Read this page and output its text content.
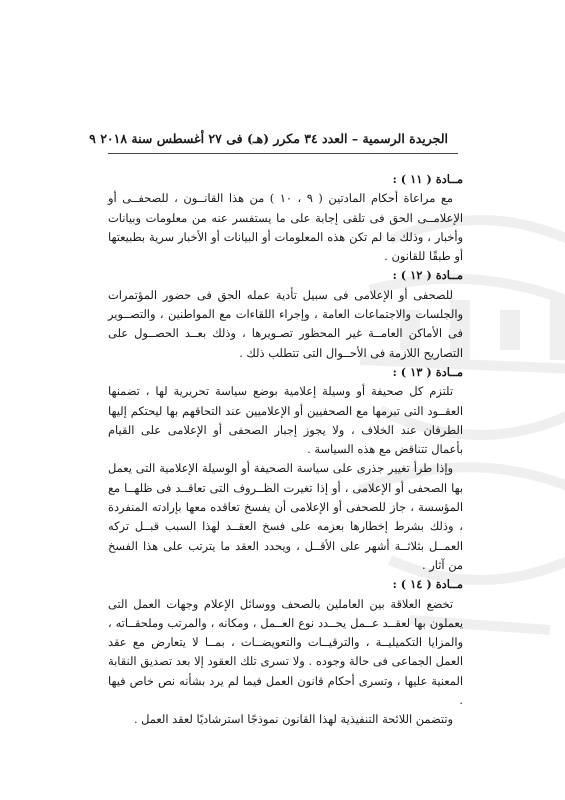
الجريدة الرسمية – العدد ٣٤ مكرر (هـ) فى ٢٧ أغسطس سنة ٢٠١٨ ٩
مــادة ( ١١ ) :

مع مراعاة أحكام المادتين ( ٩ ، ١٠ ) من هذا القانــون ، للصحفــى أو الإعلامــى الحق فى تلقى إجابة على ما يستفسر عنه من معلومات وبيانات وأخبار ، وذلك ما لم تكن هذه المعلومات أو البيانات أو الأخبار سرية بطبيعتها أو طبقًا للقانون .

مــادة ( ١٢ ) :

للصحفى أو الإعلامى فى سبيل تأدية عمله الحق فى حضور المؤتمرات والجلسات والاجتماعات العامة ، وإجراء اللقاءات مع المواطنين ، والتصــوير فى الأماكن العامــة غير المحظور تصـويرها ، وذلك بعــد الحصــول على التصاريح اللازمة فى الأحــوال التى تتطلب ذلك .

مــادة ( ١٣ ) :

تلتزم كل صحيفة أو وسيلة إعلامية بوضع سياسة تحريرية لها ، تضمنها العقــود التى تبرمها مع الصحفيين أو الإعلاميين عند التحاقهم بها ليحتكم إليها الطرفان عند الخلاف ، ولا يجوز إجبار الصحفى أو الإعلامى على القيام بأعمال تتناقض مع هذه السياسة .

وإذا طرأ تغيير جذرى على سياسة الصحيفة أو الوسيلة الإعلامية التى يعمل بها الصحفى أو الإعلامى ، أو إذا تغيرت الظــروف التى تعاقــد فى ظلهــا مع المؤسسة ، جاز للصحفى أو الإعلامى أن يفسخ تعاقده معها بإرادته المنفردة ، وذلك بشرط إخطارها بعزمه على فسخ العقــد لهذا السبب قبــل تركه العمــل بثلاثــة أشهر على الأقــل ، ويحدد العقد ما يترتب على هذا الفسخ من آثار .

مــادة ( ١٤ ) :

تخضع العلاقة بين العاملين بالصحف ووسائل الإعلام وجهات العمل التى يعملون بها لعقــد عــمل يحــدد نوع العــمل ، ومكانه ، والمرتب وملحقــاته ، والمزايا التكميليــة ، والترقيــات والتعويضــات ، بمــا لا يتعارض مع عقد العمل الجماعى فى حالة وجوده . ولا تسرى تلك العقود إلا بعد تصديق النقابة المعنية عليها ، وتسرى أحكام قانون العمل فيما لم يرد بشأنه نص خاص فيها .

وتتضمن اللائحة التنفيذية لهذا القانون نموذجًا استرشاديًا لعقد العمل .
